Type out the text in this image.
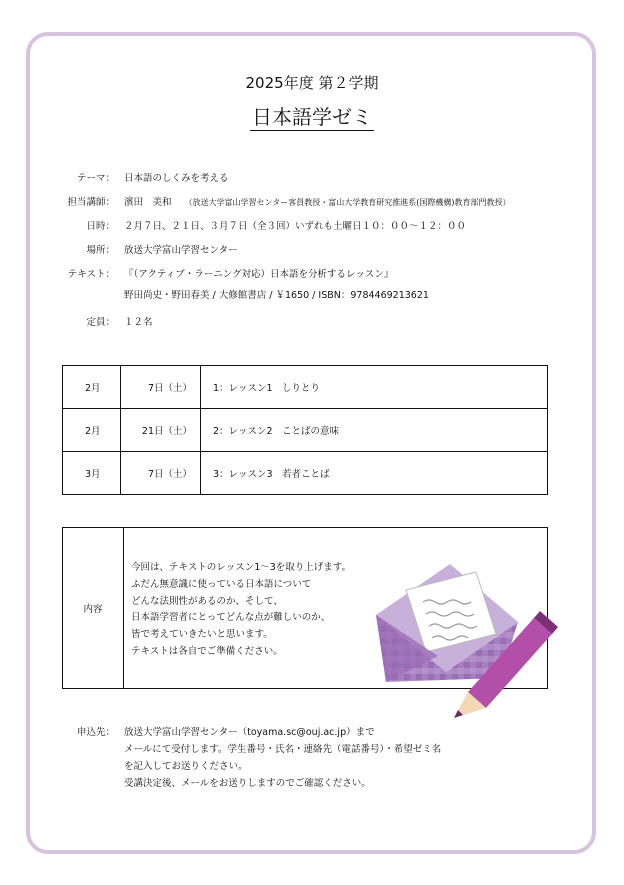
2025年度 第２学期
日本語学ゼミ
テーマ： 日本語のしくみを考える
担当講師： 濱田　美和 （放送大学富山学習センター客員教授・富山大学教育研究推進系(国際機構)教育部門教授）
日時： ２月７日、２１日、３月７日（全３回）いずれも土曜日１０：００～１２：００
場所： 放送大学富山学習センター
テキスト： 『（アクティブ・ラーニング対応）日本語を分析するレッスン』
野田尚史・野田春美 / 大修館書店 / ￥1650 / ISBN：9784469213621
定員： １２名
2月	7日（土）	1：レッスン1　しりとり
2月	21日（土）	2：レッスン2　ことばの意味
3月	7日（土）	3：レッスン3　若者ことば
内容
今回は、テキストのレッスン1～3を取り上げます。
ふだん無意識に使っている日本語について
どんな法則性があるのか、そして、
日本語学習者にとってどんな点が難しいのか、
皆で考えていきたいと思います。
テキストは各自でご準備ください。
申込先： 放送大学富山学習センター（toyama.sc@ouj.ac.jp）まで
メールにて受付します。学生番号・氏名・連絡先（電話番号）・希望ゼミ名
を記入してお送りください。
受講決定後、メールをお送りしますのでご確認ください。
